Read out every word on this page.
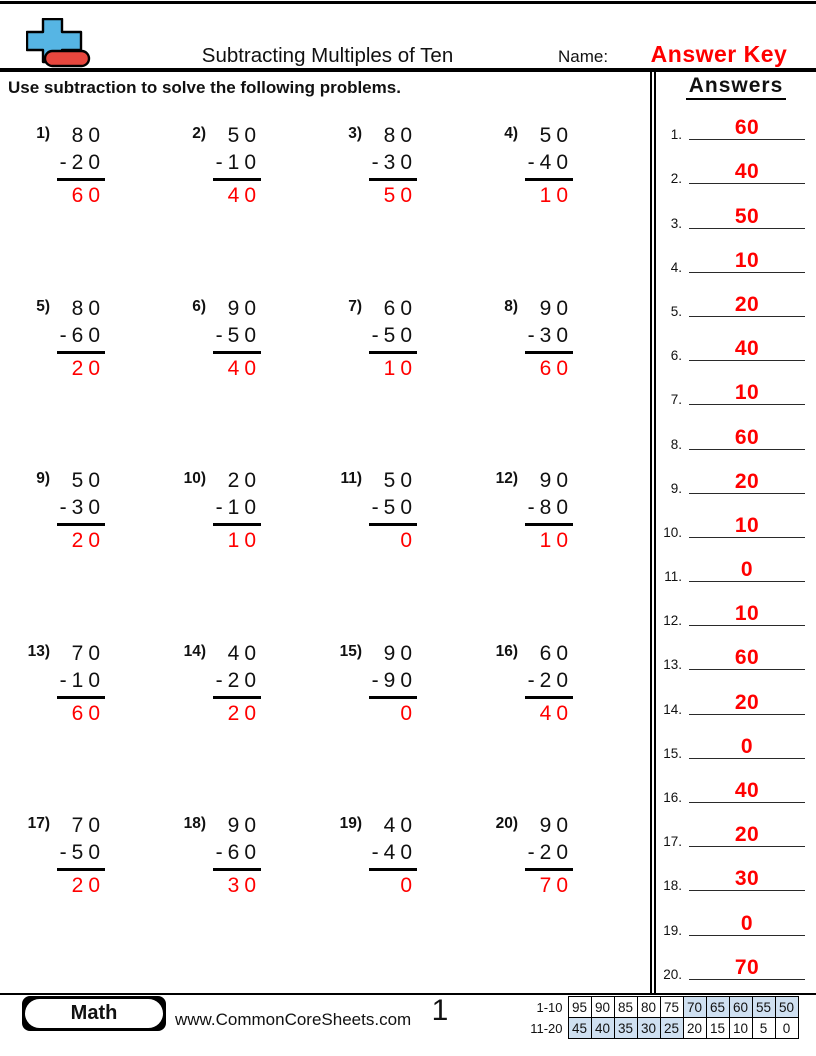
Subtracting Multiples of Ten	Name:	Answer Key
Use subtraction to solve the following problems.
1)	80
-20
60
2)	50
-10
40
3)	80
-30
50
4)	50
-40
10
5)	80
-60
20
6)	90
-50
40
7)	60
-50
10
8)	90
-30
60
9)	50
-30
20
10)	20
-10
10
11)	50
-50
0
12)	90
-80
10
13)	70
-10
60
14)	40
-20
20
15)	90
-90
0
16)	60
-20
40
17)	70
-50
20
18)	90
-60
30
19)	40
-40
0
20)	90
-20
70
Answers
1.	60
2.	40
3.	50
4.	10
5.	20
6.	40
7.	10
8.	60
9.	20
10.	10
11.	0
12.	10
13.	60
14.	20
15.	0
16.	40
17.	20
18.	30
19.	0
20.	70
Math	www.CommonCoreSheets.com 1	1-10	95	90	85	80	75	70	65	60	55	50
11-20	45	40	35	30	25	20	15	10	5	0
